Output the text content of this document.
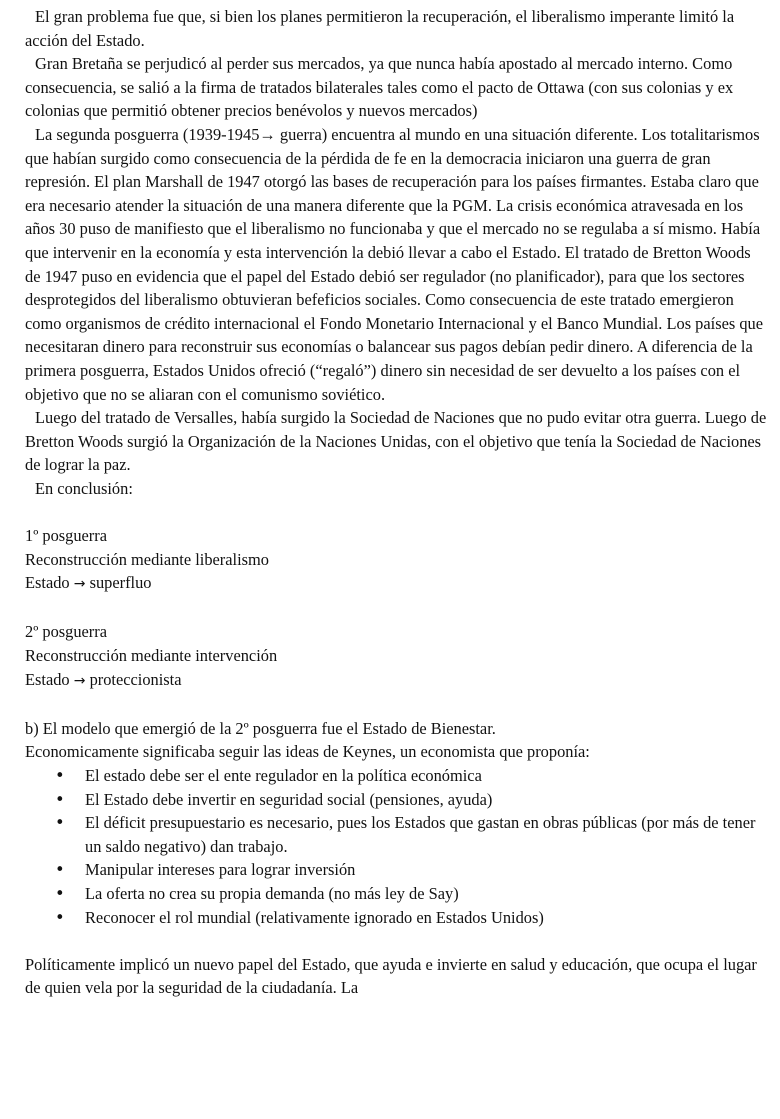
El gran problema fue que, si bien los planes permitieron la recuperación, el liberalismo imperante limitó la acción del Estado.

Gran Bretaña se perjudicó al perder sus mercados, ya que nunca había apostado al mercado interno. Como consecuencia, se salió a la firma de tratados bilaterales tales como el pacto de Ottawa (con sus colonias y ex colonias que permitió obtener precios benévolos y nuevos mercados)

La segunda posguerra (1939-1945→ guerra) encuentra al mundo en una situación diferente. Los totalitarismos que habían surgido como consecuencia de la pérdida de fe en la democracia iniciaron una guerra de gran represión. El plan Marshall de 1947 otorgó las bases de recuperación para los países firmantes. Estaba claro que era necesario atender la situación de una manera diferente que la PGM. La crisis económica atravesada en los años 30 puso de manifiesto que el liberalismo no funcionaba y que el mercado no se regulaba a sí mismo. Había que intervenir en la economía y esta intervención la debió llevar a cabo el Estado. El tratado de Bretton Woods de 1947 puso en evidencia que el papel del Estado debió ser regulador (no planificador), para que los sectores desprotegidos del liberalismo obtuvieran befeficios sociales. Como consecuencia de este tratado emergieron como organismos de crédito internacional el Fondo Monetario Internacional y el Banco Mundial. Los países que necesitaran dinero para reconstruir sus economías o balancear sus pagos debían pedir dinero. A diferencia de la primera posguerra, Estados Unidos ofreció (“regaló”) dinero sin necesidad de ser devuelto a los países con el objetivo que no se aliaran con el comunismo soviético.

Luego del tratado de Versalles, había surgido la Sociedad de Naciones que no pudo evitar otra guerra. Luego de Bretton Woods surgió la Organización de la Naciones Unidas, con el objetivo que tenía la Sociedad de Naciones de lograr la paz.

En conclusión:

1º posguerra

Reconstrucción mediante liberalismo

Estado → superfluo

2º posguerra

Reconstrucción mediante intervención

Estado → proteccionista

b) El modelo que emergió de la 2º posguerra fue el Estado de Bienestar.

Economicamente significaba seguir las ideas de Keynes, un economista que proponía:

• El estado debe ser el ente regulador en la política económica
• El Estado debe invertir en seguridad social (pensiones, ayuda)
• El déficit presupuestario es necesario, pues los Estados que gastan en obras públicas (por más de tener un saldo negativo) dan trabajo.
• Manipular intereses para lograr inversión
• La oferta no crea su propia demanda (no más ley de Say)
• Reconocer el rol mundial (relativamente ignorado en Estados Unidos)

Políticamente implicó un nuevo papel del Estado, que ayuda e invierte en salud y educación, que ocupa el lugar de quien vela por la seguridad de la ciudadanía. La
